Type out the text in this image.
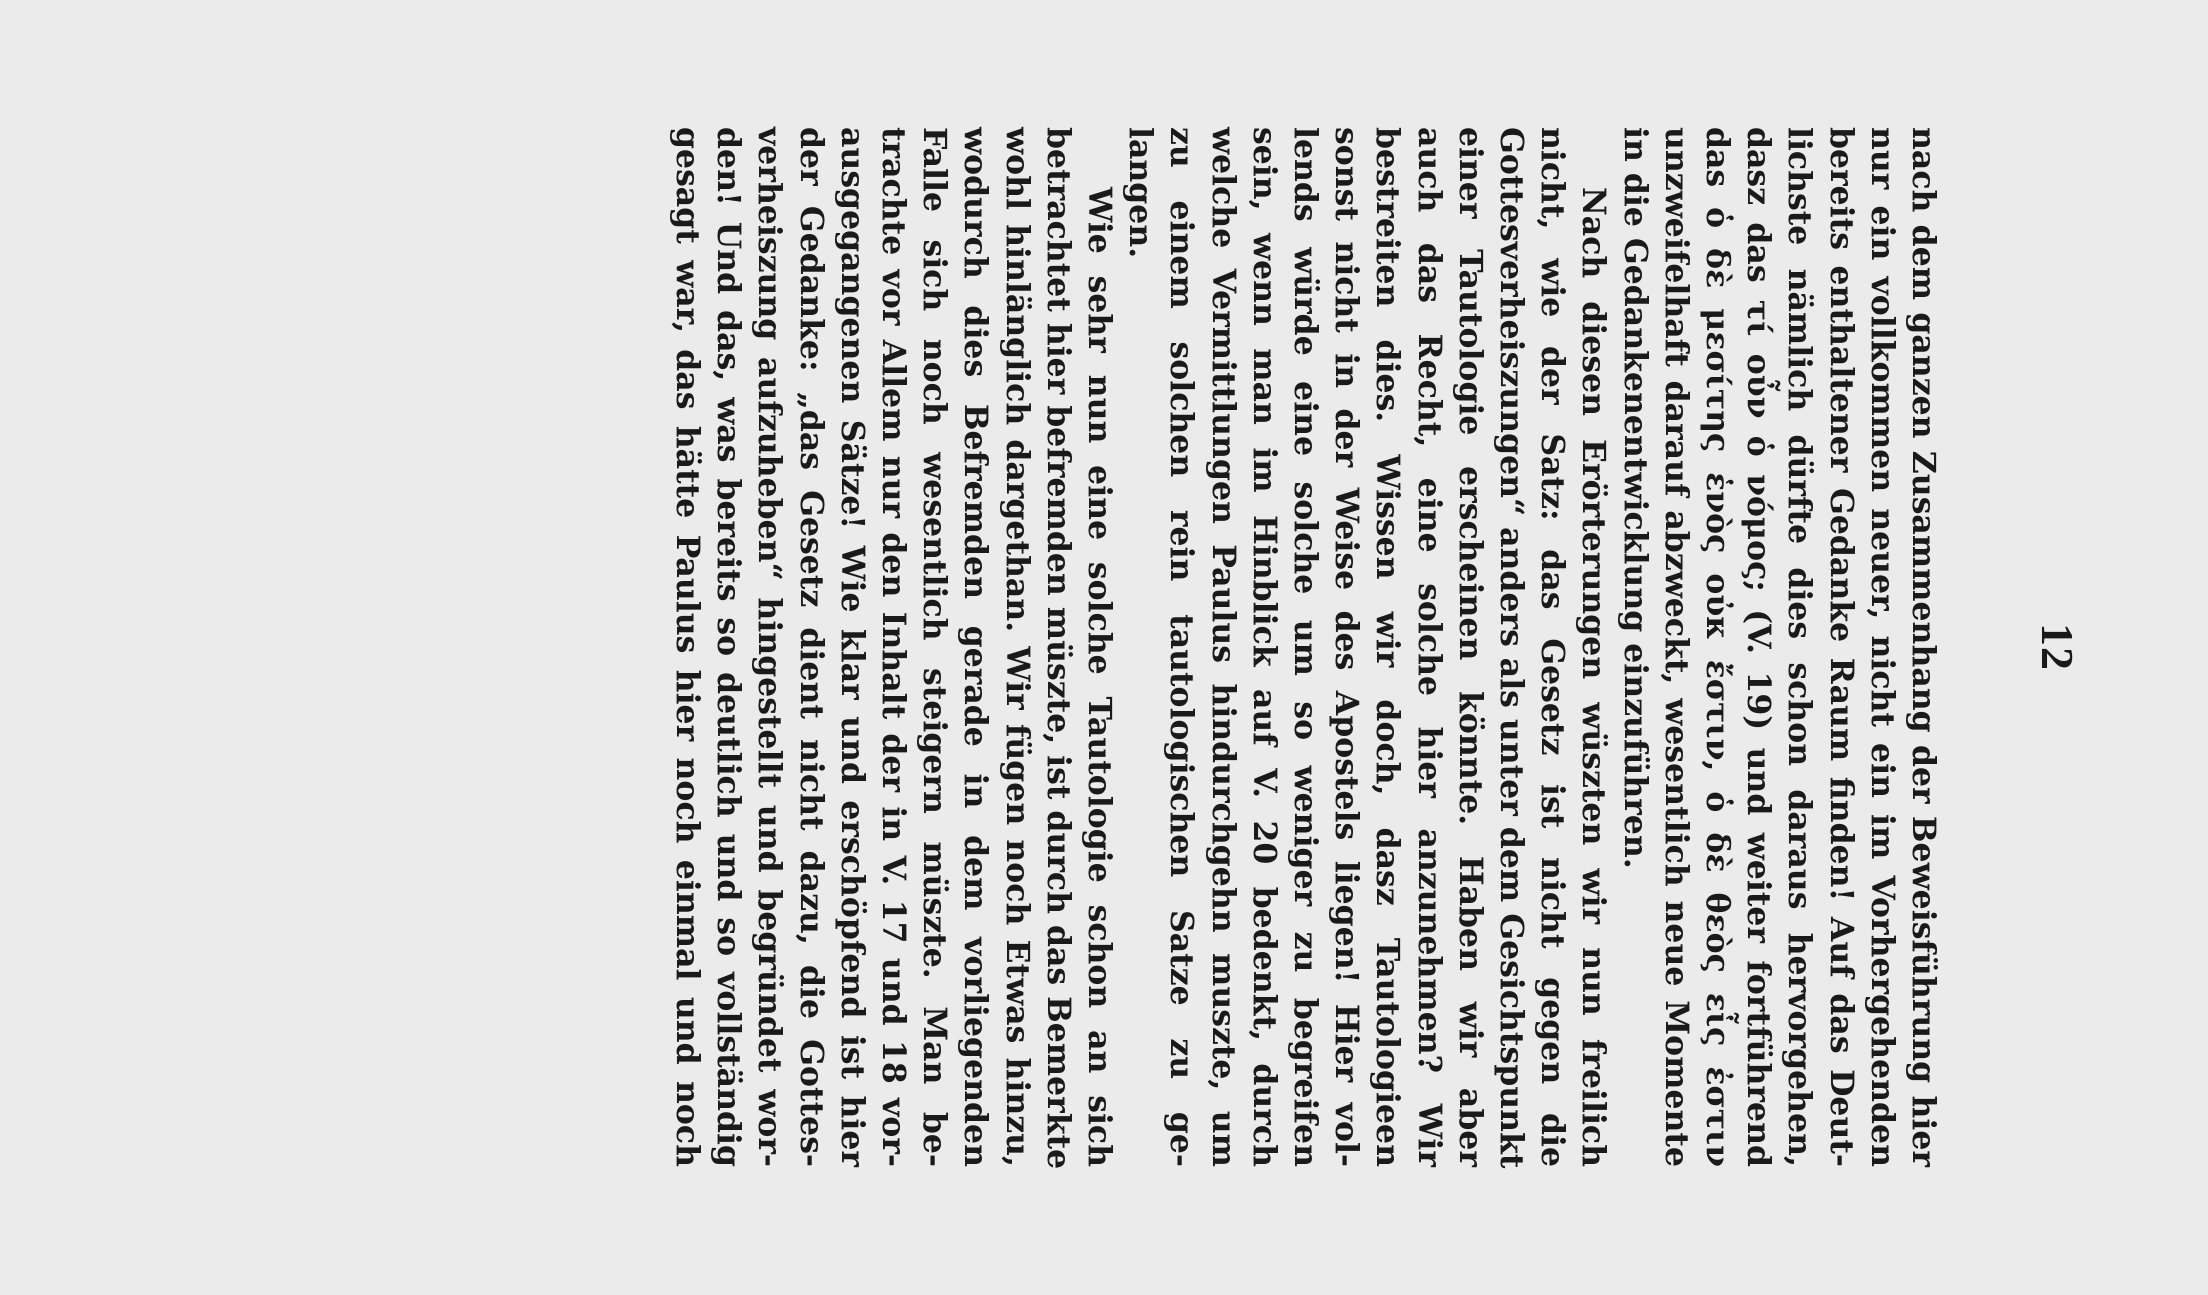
12
nach dem ganzen Zusammenhang der Beweisführung hier
nur ein vollkommen neuer, nicht ein im Vorhergehenden
bereits enthaltener Gedanke Raum finden! Auf das Deut-
lichste nämlich dürfte dies schon daraus hervorgehen,
dasz das τί οὖν ὁ νόμος; (V. 19) und weiter fortführend
das ὁ δὲ μεσίτης ἑνὸς οὐκ ἔστιν, ὁ δὲ θεὸς εἷς ἐστιν
unzweifelhaft darauf abzweckt, wesentlich neue Momente
in die Gedankenentwicklung einzuführen.
Nach diesen Erörterungen wüszten wir nun freilich
nicht, wie der Satz: das Gesetz ist nicht gegen die
Gottesverheiszungen“ anders als unter dem Gesichtspunkt
einer Tautologie erscheinen könnte. Haben wir aber
auch das Recht, eine solche hier anzunehmen? Wir
bestreiten dies. Wissen wir doch, dasz Tautologieen
sonst nicht in der Weise des Apostels liegen! Hier vol-
lends würde eine solche um so weniger zu begreifen
sein, wenn man im Hinblick auf V. 20 bedenkt, durch
welche Vermittlungen Paulus hindurchgehn muszte, um
zu einem solchen rein tautologischen Satze zu ge-
langen.
Wie sehr nun eine solche Tautologie schon an sich
betrachtet hier befremden müszte, ist durch das Bemerkte
wohl hinlänglich dargethan. Wir fügen noch Etwas hinzu,
wodurch dies Befremden gerade in dem vorliegenden
Falle sich noch wesentlich steigern müszte. Man be-
trachte vor Allem nur den Inhalt der in V. 17 und 18 vor-
ausgegangenen Sätze! Wie klar und erschöpfend ist hier
der Gedanke: „das Gesetz dient nicht dazu, die Gottes-
verheiszung aufzuheben“ hingestellt und begründet wor-
den! Und das, was bereits so deutlich und so vollständig
gesagt war, das hätte Paulus hier noch einmal und noch
